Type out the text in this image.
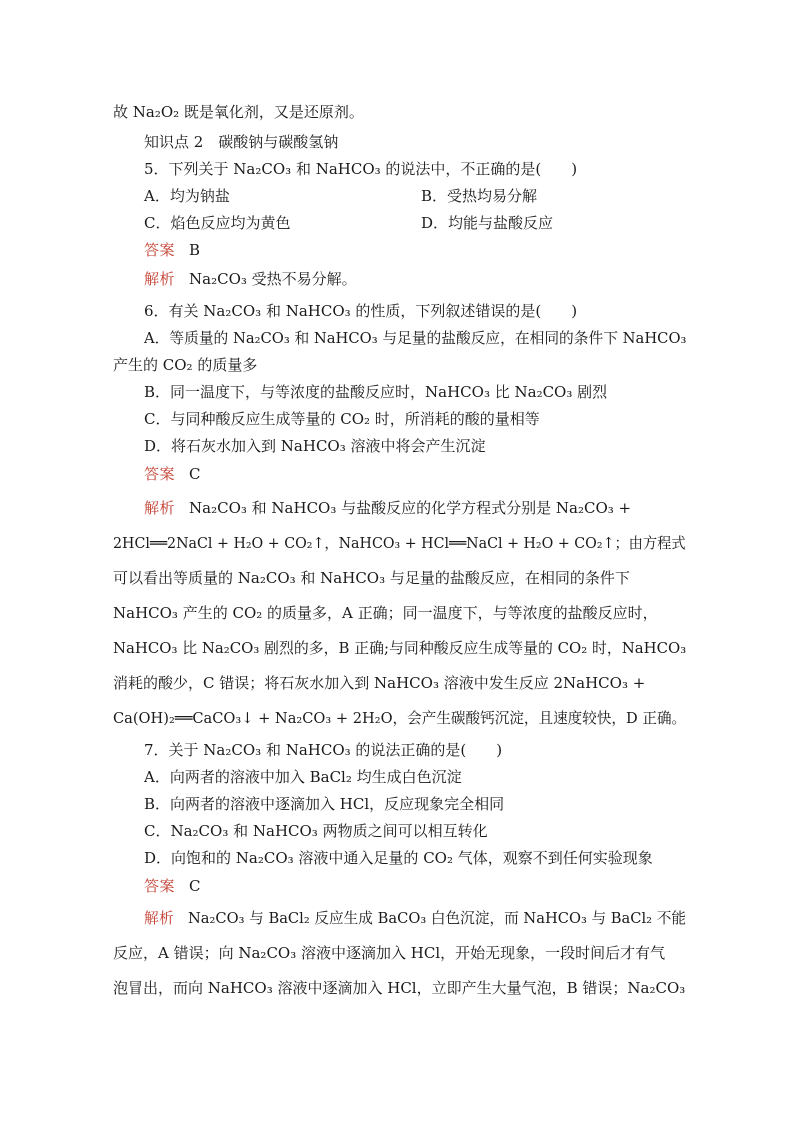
故 Na₂O₂ 既是氧化剂，又是还原剂。
知识点 2　碳酸钠与碳酸氢钠
5．下列关于 Na₂CO₃ 和 NaHCO₃ 的说法中，不正确的是(　　)
A．均为钠盐	B．受热均易分解
C．焰色反应均为黄色	D．均能与盐酸反应
答案 B
解析 Na₂CO₃ 受热不易分解。
6．有关 Na₂CO₃ 和 NaHCO₃ 的性质，下列叙述错误的是(　　)
A．等质量的 Na₂CO₃ 和 NaHCO₃ 与足量的盐酸反应，在相同的条件下 NaHCO₃
产生的 CO₂ 的质量多
B．同一温度下，与等浓度的盐酸反应时，NaHCO₃ 比 Na₂CO₃ 剧烈
C．与同种酸反应生成等量的 CO₂ 时，所消耗的酸的量相等
D．将石灰水加入到 NaHCO₃ 溶液中将会产生沉淀
答案 C
解析 Na₂CO₃ 和 NaHCO₃ 与盐酸反应的化学方程式分别是 Na₂CO₃ +
2HCl══2NaCl + H₂O + CO₂↑，NaHCO₃ + HCl══NaCl + H₂O + CO₂↑；由方程式
可以看出等质量的 Na₂CO₃ 和 NaHCO₃ 与足量的盐酸反应，在相同的条件下
NaHCO₃ 产生的 CO₂ 的质量多，A 正确；同一温度下，与等浓度的盐酸反应时，
NaHCO₃ 比 Na₂CO₃ 剧烈的多，B 正确;与同种酸反应生成等量的 CO₂ 时，NaHCO₃
消耗的酸少，C 错误；将石灰水加入到 NaHCO₃ 溶液中发生反应 2NaHCO₃ +
Ca(OH)₂══CaCO₃↓ + Na₂CO₃ + 2H₂O，会产生碳酸钙沉淀，且速度较快，D 正确。
7．关于 Na₂CO₃ 和 NaHCO₃ 的说法正确的是(　　)
A．向两者的溶液中加入 BaCl₂ 均生成白色沉淀
B．向两者的溶液中逐滴加入 HCl，反应现象完全相同
C．Na₂CO₃ 和 NaHCO₃ 两物质之间可以相互转化
D．向饱和的 Na₂CO₃ 溶液中通入足量的 CO₂ 气体，观察不到任何实验现象
答案 C
解析 Na₂CO₃ 与 BaCl₂ 反应生成 BaCO₃ 白色沉淀，而 NaHCO₃ 与 BaCl₂ 不能
反应，A 错误；向 Na₂CO₃ 溶液中逐滴加入 HCl，开始无现象，一段时间后才有气
泡冒出，而向 NaHCO₃ 溶液中逐滴加入 HCl，立即产生大量气泡，B 错误；Na₂CO₃
